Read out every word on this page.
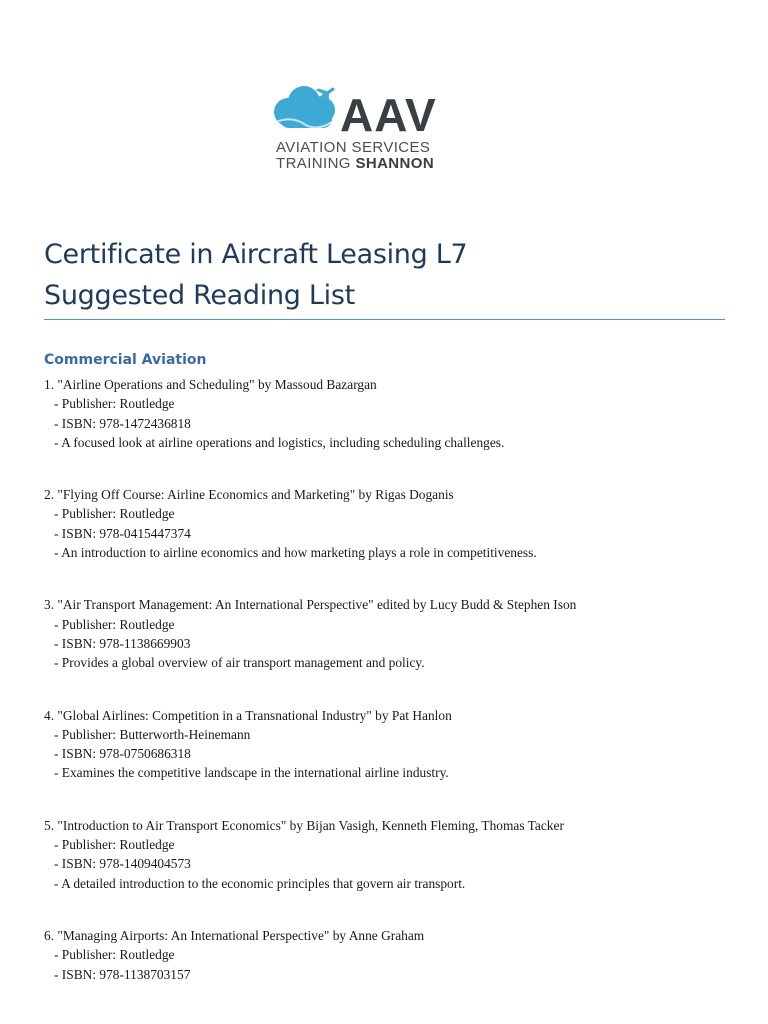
AAV
AVIATION SERVICES
TRAINING SHANNON
Certificate in Aircraft Leasing L7
Suggested Reading List
Commercial Aviation
1. "Airline Operations and Scheduling" by Massoud Bazargan
- Publisher: Routledge
- ISBN: 978-1472436818
- A focused look at airline operations and logistics, including scheduling challenges.
2. "Flying Off Course: Airline Economics and Marketing" by Rigas Doganis
- Publisher: Routledge
- ISBN: 978-0415447374
- An introduction to airline economics and how marketing plays a role in competitiveness.
3. "Air Transport Management: An International Perspective" edited by Lucy Budd & Stephen Ison
- Publisher: Routledge
- ISBN: 978-1138669903
- Provides a global overview of air transport management and policy.
4. "Global Airlines: Competition in a Transnational Industry" by Pat Hanlon
- Publisher: Butterworth-Heinemann
- ISBN: 978-0750686318
- Examines the competitive landscape in the international airline industry.
5. "Introduction to Air Transport Economics" by Bijan Vasigh, Kenneth Fleming, Thomas Tacker
- Publisher: Routledge
- ISBN: 978-1409404573
- A detailed introduction to the economic principles that govern air transport.
6. "Managing Airports: An International Perspective" by Anne Graham
- Publisher: Routledge
- ISBN: 978-1138703157
